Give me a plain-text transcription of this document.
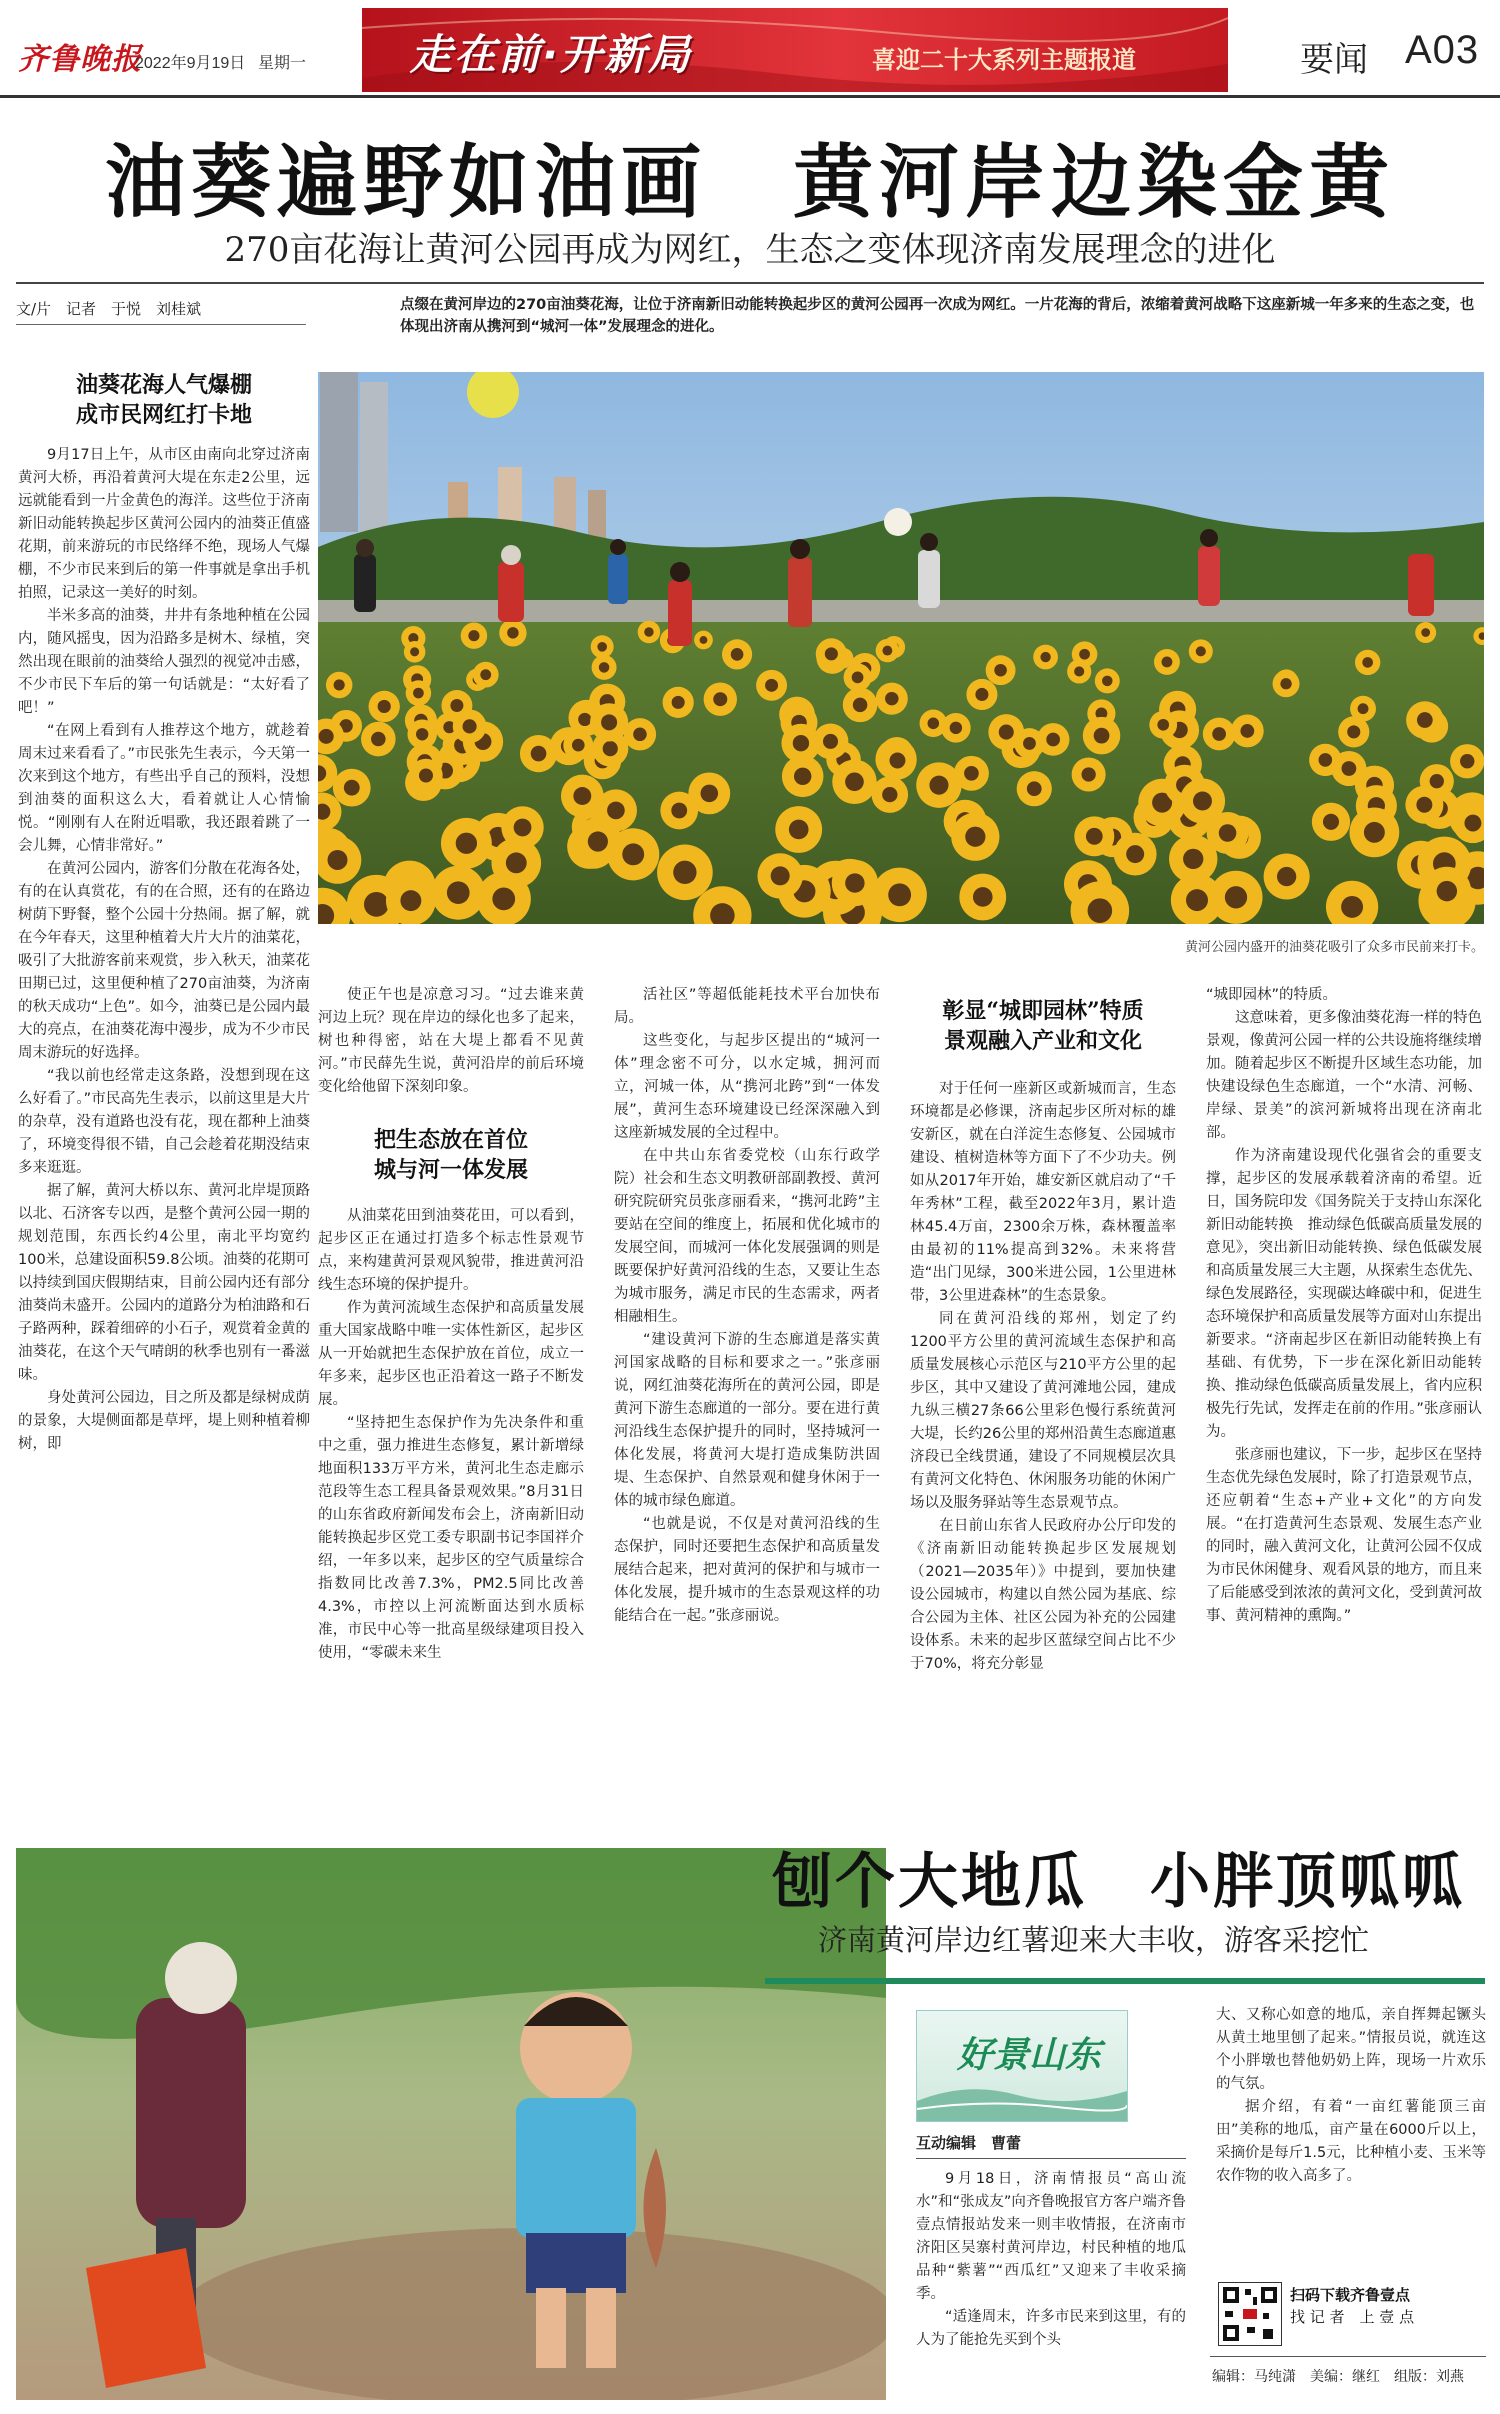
齐鲁晚报
2022年9月19日 星期一 走在前·开新局	喜迎二十大系列主题报道	要闻 A03
油葵遍野如油画　黄河岸边染金黄
270亩花海让黄河公园再成为网红，生态之变体现济南发展理念的进化
文/片　记者　于悦　刘桂斌	点缀在黄河岸边的270亩油葵花海，让位于济南新旧动能转换起步区的黄河公园再一次成为网红。一片花海的背后，浓缩着黄河战略下这座新城一年多来的生态之变，也体现出济南从携河到“城河一体”发展理念的进化。
黄河公园内盛开的油葵花吸引了众多市民前来打卡。
油葵花海人气爆棚
成市民网红打卡地

9月17日上午，从市区由南向北穿过济南黄河大桥，再沿着黄河大堤在东走2公里，远远就能看到一片金黄色的海洋。这些位于济南新旧动能转换起步区黄河公园内的油葵正值盛花期，前来游玩的市民络绎不绝，现场人气爆棚，不少市民来到后的第一件事就是拿出手机拍照，记录这一美好的时刻。

半米多高的油葵，井井有条地种植在公园内，随风摇曳，因为沿路多是树木、绿植，突然出现在眼前的油葵给人强烈的视觉冲击感，不少市民下车后的第一句话就是：“太好看了吧！”

“在网上看到有人推荐这个地方，就趁着周末过来看看了。”市民张先生表示，今天第一次来到这个地方，有些出乎自己的预料，没想到油葵的面积这么大，看着就让人心情愉悦。“刚刚有人在附近唱歌，我还跟着跳了一会儿舞，心情非常好。”

在黄河公园内，游客们分散在花海各处，有的在认真赏花，有的在合照，还有的在路边树荫下野餐，整个公园十分热闹。据了解，就在今年春天，这里种植着大片大片的油菜花，吸引了大批游客前来观赏，步入秋天，油菜花田期已过，这里便种植了270亩油葵，为济南的秋天成功“上色”。如今，油葵已是公园内最大的亮点，在油葵花海中漫步，成为不少市民周末游玩的好选择。

“我以前也经常走这条路，没想到现在这么好看了。”市民高先生表示，以前这里是大片的杂草，没有道路也没有花，现在都种上油葵了，环境变得很不错，自己会趁着花期没结束多来逛逛。

据了解，黄河大桥以东、黄河北岸堤顶路以北、石济客专以西，是整个黄河公园一期的规划范围，东西长约4公里，南北平均宽约100米，总建设面积59.8公顷。油葵的花期可以持续到国庆假期结束，目前公园内还有部分油葵尚未盛开。公园内的道路分为柏油路和石子路两种，踩着细碎的小石子，观赏着金黄的油葵花，在这个天气晴朗的秋季也别有一番滋味。

身处黄河公园边，目之所及都是绿树成荫的景象，大堤侧面都是草坪，堤上则种植着柳树，即

使正午也是凉意习习。“过去谁来黄河边上玩？现在岸边的绿化也多了起来，树也种得密，站在大堤上都看不见黄河。”市民薛先生说，黄河沿岸的前后环境变化给他留下深刻印象。

把生态放在首位
城与河一体发展

从油菜花田到油葵花田，可以看到，起步区正在通过打造多个标志性景观节点，来构建黄河景观风貌带，推进黄河沿线生态环境的保护提升。

作为黄河流域生态保护和高质量发展重大国家战略中唯一实体性新区，起步区从一开始就把生态保护放在首位，成立一年多来，起步区也正沿着这一路子不断发展。

“坚持把生态保护作为先决条件和重中之重，强力推进生态修复，累计新增绿地面积133万平方米，黄河北生态走廊示范段等生态工程具备景观效果。”8月31日的山东省政府新闻发布会上，济南新旧动能转换起步区党工委专职副书记李国祥介绍，一年多以来，起步区的空气质量综合指数同比改善7.3%，PM2.5同比改善4.3%，市控以上河流断面达到水质标准，市民中心等一批高星级绿建项目投入使用，“零碳未来生

活社区”等超低能耗技术平台加快布局。

这些变化，与起步区提出的“城河一体”理念密不可分，以水定城，拥河而立，河城一体，从“携河北跨”到“一体发展”，黄河生态环境建设已经深深融入到这座新城发展的全过程中。

在中共山东省委党校（山东行政学院）社会和生态文明教研部副教授、黄河研究院研究员张彦丽看来，“携河北跨”主要站在空间的维度上，拓展和优化城市的发展空间，而城河一体化发展强调的则是既要保护好黄河沿线的生态，又要让生态为城市服务，满足市民的生态需求，两者相融相生。

“建设黄河下游的生态廊道是落实黄河国家战略的目标和要求之一。”张彦丽说，网红油葵花海所在的黄河公园，即是黄河下游生态廊道的一部分。要在进行黄河沿线生态保护提升的同时，坚持城河一体化发展，将黄河大堤打造成集防洪固堤、生态保护、自然景观和健身休闲于一体的城市绿色廊道。

“也就是说，不仅是对黄河沿线的生态保护，同时还要把生态保护和高质量发展结合起来，把对黄河的保护和与城市一体化发展，提升城市的生态景观这样的功能结合在一起。”张彦丽说。

彰显“城即园林”特质
景观融入产业和文化

对于任何一座新区或新城而言，生态环境都是必修课，济南起步区所对标的雄安新区，就在白洋淀生态修复、公园城市建设、植树造林等方面下了不少功夫。例如从2017年开始，雄安新区就启动了“千年秀林”工程，截至2022年3月，累计造林45.4万亩，2300余万株，森林覆盖率由最初的11%提高到32%。未来将营造“出门见绿，300米进公园，1公里进林带，3公里进森林”的生态景象。

同在黄河沿线的郑州，划定了约1200平方公里的黄河流域生态保护和高质量发展核心示范区与210平方公里的起步区，其中又建设了黄河滩地公园，建成九纵三横27条66公里彩色慢行系统黄河大堤，长约26公里的郑州沿黄生态廊道惠济段已全线贯通，建设了不同规模层次具有黄河文化特色、休闲服务功能的休闲广场以及服务驿站等生态景观节点。

在日前山东省人民政府办公厅印发的《济南新旧动能转换起步区发展规划（2021—2035年）》中提到，要加快建设公园城市，构建以自然公园为基底、综合公园为主体、社区公园为补充的公园建设体系。未来的起步区蓝绿空间占比不少于70%，将充分彰显

“城即园林”的特质。

这意味着，更多像油葵花海一样的特色景观，像黄河公园一样的公共设施将继续增加。随着起步区不断提升区域生态功能，加快建设绿色生态廊道，一个“水清、河畅、岸绿、景美”的滨河新城将出现在济南北部。

作为济南建设现代化强省会的重要支撑，起步区的发展承载着济南的希望。近日，国务院印发《国务院关于支持山东深化新旧动能转换　推动绿色低碳高质量发展的意见》，突出新旧动能转换、绿色低碳发展和高质量发展三大主题，从探索生态优先、绿色发展路径，实现碳达峰碳中和，促进生态环境保护和高质量发展等方面对山东提出新要求。“济南起步区在新旧动能转换上有基础、有优势，下一步在深化新旧动能转换、推动绿色低碳高质量发展上，省内应积极先行先试，发挥走在前的作用。”张彦丽认为。

张彦丽也建议，下一步，起步区在坚持生态优先绿色发展时，除了打造景观节点，还应朝着“生态+产业+文化”的方向发展。“在打造黄河生态景观、发展生态产业的同时，融入黄河文化，让黄河公园不仅成为市民休闲健身、观看风景的地方，而且来了后能感受到浓浓的黄河文化，受到黄河故事、黄河精神的熏陶。”

刨个大地瓜　小胖顶呱呱
济南黄河岸边红薯迎来大丰收，游客采挖忙
好景山东
互动编辑　曹蕾

9月18日，济南情报员“高山流水”和“张成友”向齐鲁晚报官方客户端齐鲁壹点情报站发来一则丰收情报，在济南市济阳区吴寨村黄河岸边，村民种植的地瓜品种“紫薯”“西瓜红”又迎来了丰收采摘季。

“适逢周末，许多市民来到这里，有的人为了能抢先买到个头

大、又称心如意的地瓜，亲自挥舞起镢头从黄土地里刨了起来。”情报员说，就连这个小胖墩也替他奶奶上阵，现场一片欢乐的气氛。

据介绍，有着“一亩红薯能顶三亩田”美称的地瓜，亩产量在6000斤以上，采摘价是每斤1.5元，比种植小麦、玉米等农作物的收入高多了。

扫码下载齐鲁壹点
找 记 者　上 壹 点
编辑：马纯潇　美编：继红　组版：刘燕
